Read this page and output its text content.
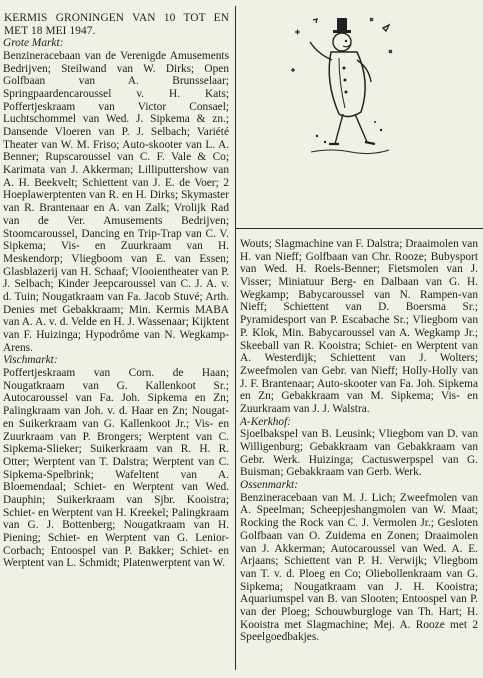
KERMIS GRONINGEN VAN 10 TOT EN MET 18 MEI 1947.
Grote Markt:
Benzineracebaan van de Verenigde Amusements Bedrijven; Steilwand van W. Dirks; Open Golfbaan van A. Brunsselaar; Springpaardencaroussel v. H. Kats; Poffertjeskraam van Victor Consael; Luchtschommel van Wed. J. Sipkema & zn.; Dansende Vloeren van P. J. Selbach; Variété Theater van W. M. Friso; Auto-skooter van L. A. Benner; Rupscaroussel van C. F. Vale & Co; Karimata van J. Akkerman; Lilliputtershow van A. H. Beekvelt; Schiettent van J. E. de Voer; 2 Hoeplawerptenten van R. en H. Dirks; Skymaster van R. Brantenaar en A. van Zalk; Vrolijk Rad van de Ver. Amusements Bedrijven; Stoomcaroussel, Dancing en Trip-Trap van C. V. Sipkema; Vis- en Zuurkraam van H. Meskendorp; Vliegboom van E. van Essen; Glasblazerij van H. Schaaf; Vlooientheater van P. J. Selbach; Kinder Jeepcaroussel van C. J. A. v. d. Tuin; Nougatkraam van Fa. Jacob Stuvé; Arth. Denies met Gebakkraam; Min. Kermis MABA van A. A. v. d. Velde en H. J. Wassenaar; Kijktent van F. Huizinga; Hypodrôme van N. Wegkamp-Arens.
Vischmarkt:
Poffertjeskraam van Corn. de Haan; Nougatkraam van G. Kallenkoot Sr.; Autocaroussel van Fa. Joh. Sipkema en Zn; Palingkraam van Joh. v. d. Haar en Zn; Nougat- en Suikerkraam van G. Kallenkoot Jr.; Vis- en Zuurkraam van P. Brongers; Werptent van C. Sipkema-Slieker; Suikerkraam van R. H. R. Otter; Werptent van T. Dalstra; Werptent van C. Sipkema-Spelbrink; Wafeltent van A. Bloemendaal; Schiet- en Werptent van Wed. Dauphin; Suikerkraam van Sjbr. Kooistra; Schiet- en Werptent van H. Kreekel; Palingkraam van G. J. Bottenberg; Nougatkraam van H. Piening; Schiet- en Werptent van G. Lenior-Corbach; Entoospel van P. Bakker; Schiet- en Werptent van L. Schmidt; Platenwerptent van W.
Wouts; Slagmachine van F. Dalstra; Draaimolen van H. van Nieff; Golfbaan van Chr. Rooze; Bubysport van Wed. H. Roels-Benner; Fietsmolen van J. Visser; Miniatuur Berg- en Dalbaan van G. H. Wegkamp; Babycaroussel van N. Rampen-van Nieff; Schiettent van D. Boersma Sr.; Pyramidesport van P. Escabache Sr.; Vliegbom van P. Klok, Min. Babycaroussel van A. Wegkamp Jr.; Skeeball van R. Kooistra; Schiet- en Werptent van A. Westerdijk; Schiettent van J. Wolters; Zweefmolen van Gebr. van Nieff; Holly-Holly van J. F. Brantenaar; Auto-skooter van Fa. Joh. Sipkema en Zn; Gebakkraam van M. Sipkema; Vis- en Zuurkraam van J. J. Walstra.
A-Kerkhof:
Sjoelbakspel van B. Leusink; Vliegbom van D. van Willigenburg; Gebakkraam van Gebakkraam van Gebr. Werk. Huizinga; Cactuswerpspel van G. Buisman; Gebakkraam van Gerb. Werk.
Ossenmarkt:
Benzineracebaan van M. J. Lich; Zweefmolen van A. Speelman; Scheepjeshangmolen van W. Maat; Rocking the Rock van C. J. Vermolen Jr.; Gesloten Golfbaan van O. Zuidema en Zonen; Draaimolen van J. Akkerman; Autocaroussel van Wed. A. E. Arjaans; Schiettent van P. H. Verwijk; Vliegbom van T. v. d. Ploeg en Co; Oliebollenkraam van G. Sipkema; Nougatkraam van J. H. Kooistra; Aquariumspel van B. van Slooten; Entoospel van P. van der Ploeg; Schouwburgloge van Th. Hart; H. Kooistra met Slagmachine; Mej. A. Rooze met 2 Speelgoedbakjes.
